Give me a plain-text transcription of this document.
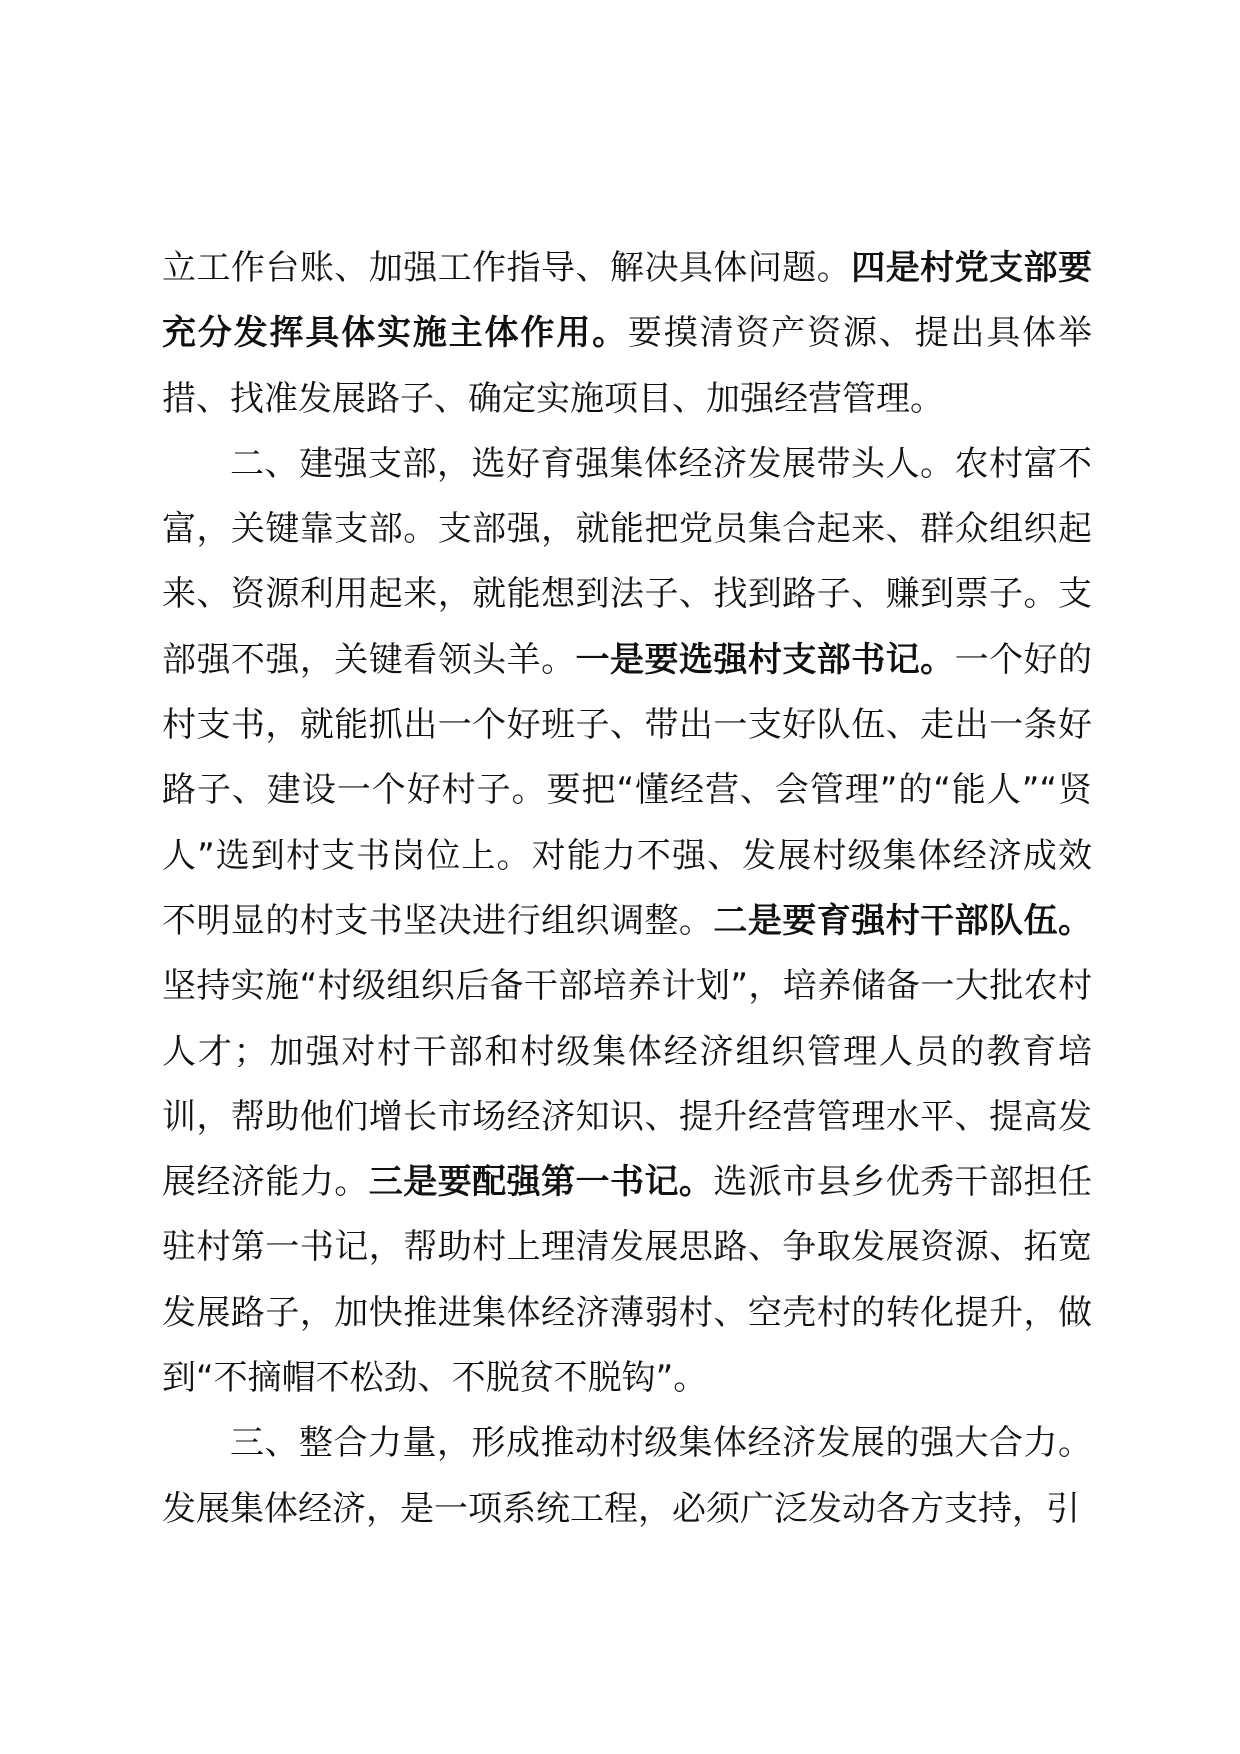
立工作台账、加强工作指导、解决具体问题。四是村党支部要充分发挥具体实施主体作用。要摸清资产资源、提出具体举措、找准发展路子、确定实施项目、加强经营管理。

二、建强支部，选好育强集体经济发展带头人。农村富不富，关键靠支部。支部强，就能把党员集合起来、群众组织起来、资源利用起来，就能想到法子、找到路子、赚到票子。支部强不强，关键看领头羊。一是要选强村支部书记。一个好的村支书，就能抓出一个好班子、带出一支好队伍、走出一条好路子、建设一个好村子。要把“懂经营、会管理”的“能人”“贤人”选到村支书岗位上。对能力不强、发展村级集体经济成效不明显的村支书坚决进行组织调整。二是要育强村干部队伍。坚持实施“村级组织后备干部培养计划”，培养储备一大批农村人才；加强对村干部和村级集体经济组织管理人员的教育培训，帮助他们增长市场经济知识、提升经营管理水平、提高发展经济能力。三是要配强第一书记。选派市县乡优秀干部担任驻村第一书记，帮助村上理清发展思路、争取发展资源、拓宽发展路子，加快推进集体经济薄弱村、空壳村的转化提升，做到“不摘帽不松劲、不脱贫不脱钩”。

三、整合力量，形成推动村级集体经济发展的强大合力。发展集体经济，是一项系统工程，必须广泛发动各方支持，引
